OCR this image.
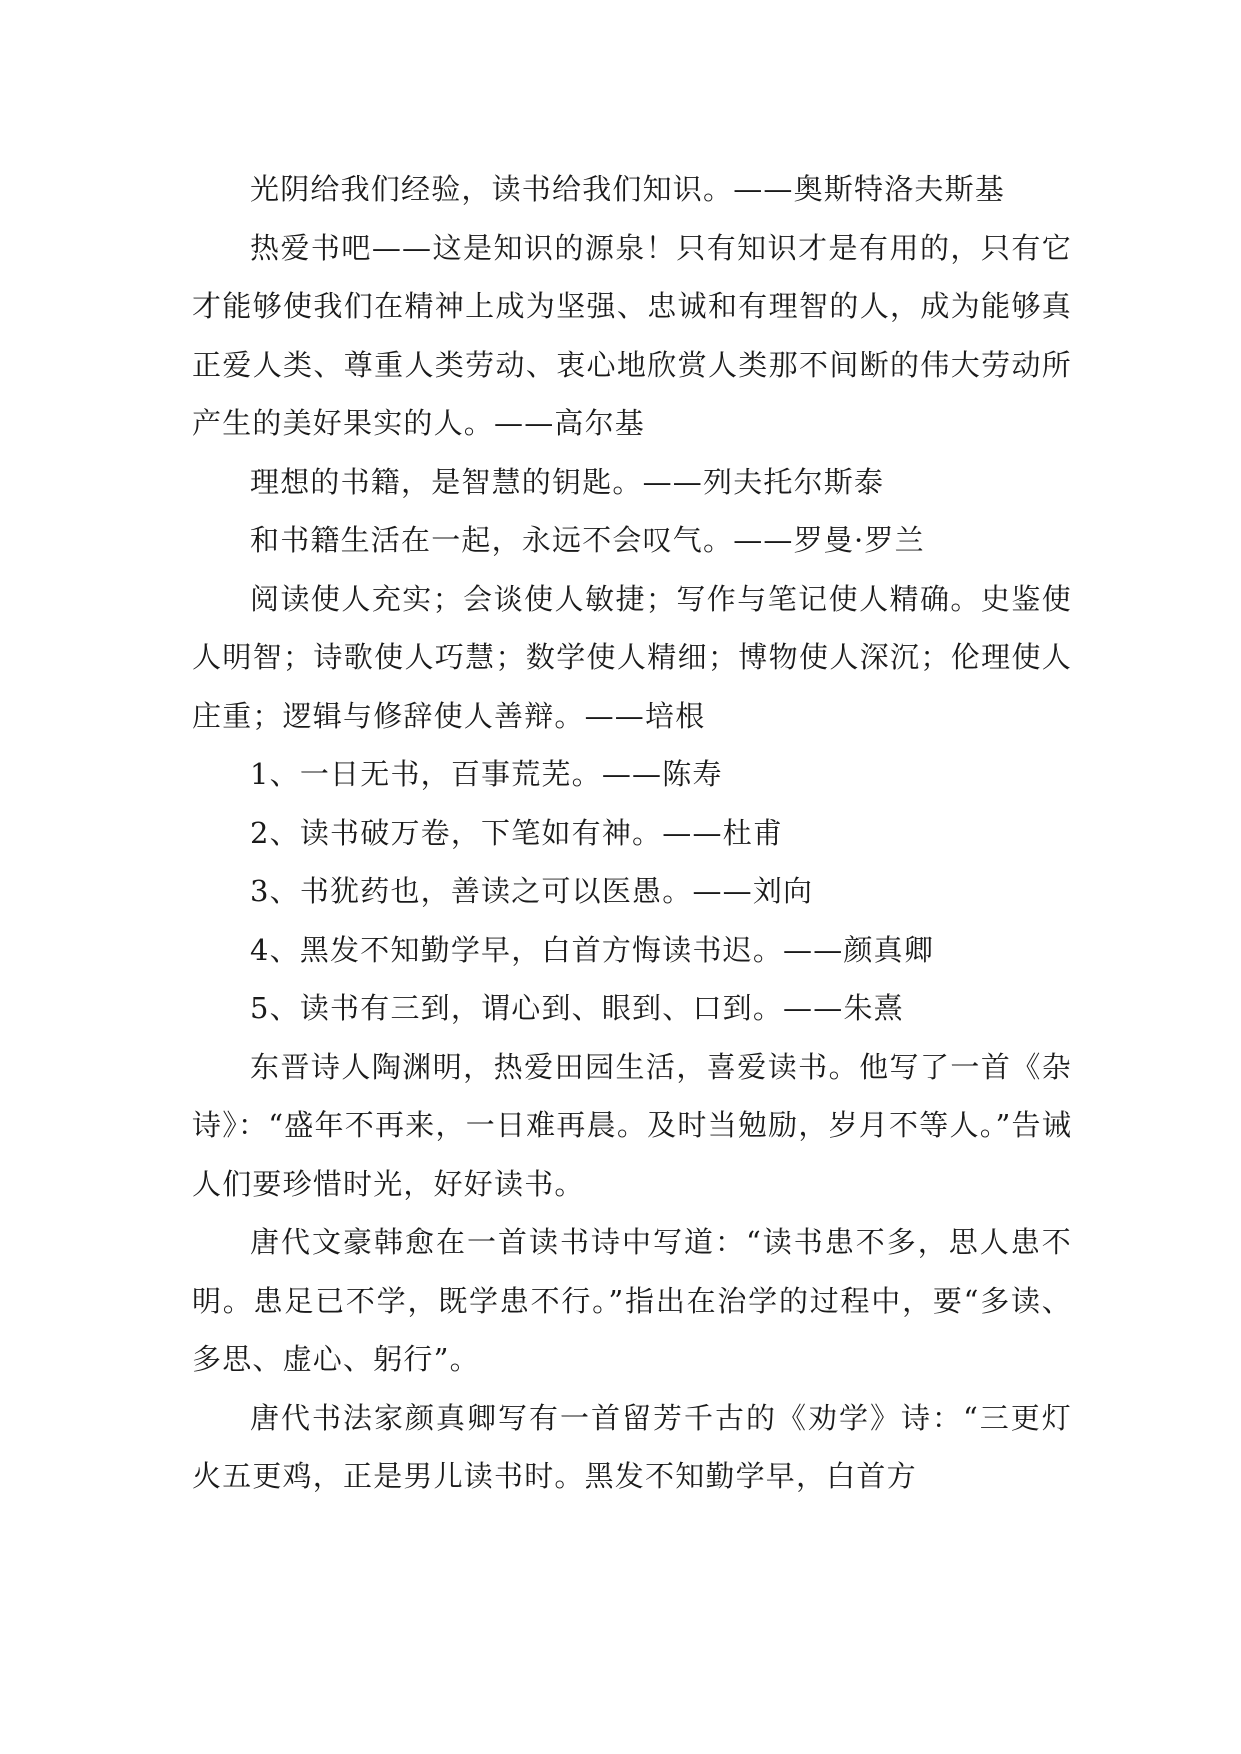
光阴给我们经验，读书给我们知识。——奥斯特洛夫斯基

热爱书吧——这是知识的源泉！只有知识才是有用的，只有它才能够使我们在精神上成为坚强、忠诚和有理智的人，成为能够真正爱人类、尊重人类劳动、衷心地欣赏人类那不间断的伟大劳动所产生的美好果实的人。——高尔基

理想的书籍，是智慧的钥匙。——列夫托尔斯泰

和书籍生活在一起，永远不会叹气。——罗曼·罗兰

阅读使人充实；会谈使人敏捷；写作与笔记使人精确。史鉴使人明智；诗歌使人巧慧；数学使人精细；博物使人深沉；伦理使人庄重；逻辑与修辞使人善辩。——培根

1、一日无书，百事荒芜。——陈寿

2、读书破万卷，下笔如有神。——杜甫

3、书犹药也，善读之可以医愚。——刘向

4、黑发不知勤学早，白首方悔读书迟。——颜真卿

5、读书有三到，谓心到、眼到、口到。——朱熹

东晋诗人陶渊明，热爱田园生活，喜爱读书。他写了一首《杂诗》：“盛年不再来，一日难再晨。及时当勉励，岁月不等人。”告诫人们要珍惜时光，好好读书。

唐代文豪韩愈在一首读书诗中写道：“读书患不多，思人患不明。患足已不学，既学患不行。”指出在治学的过程中，要“多读、多思、虚心、躬行”。

唐代书法家颜真卿写有一首留芳千古的《劝学》诗：“三更灯火五更鸡，正是男儿读书时。黑发不知勤学早，白首方
